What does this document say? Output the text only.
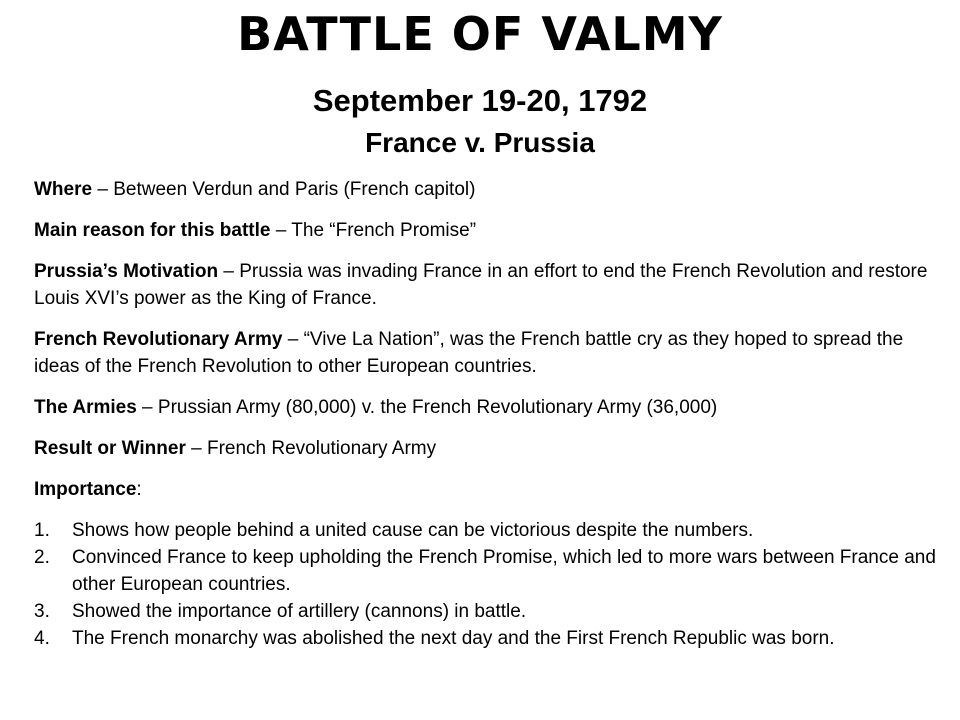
BATTLE OF VALMY
September 19-20, 1792
France v. Prussia

Where – Between Verdun and Paris (French capitol)

Main reason for this battle – The “French Promise”

Prussia’s Motivation – Prussia was invading France in an effort to end the French Revolution and restore Louis XVI’s power as the King of France.

French Revolutionary Army – “Vive La Nation”, was the French battle cry as they hoped to spread the ideas of the French Revolution to other European countries.

The Armies – Prussian Army (80,000) v. the French Revolutionary Army (36,000)

Result or Winner – French Revolutionary Army

Importance:

1. Shows how people behind a united cause can be victorious despite the numbers.
2. Convinced France to keep upholding the French Promise, which led to more wars between France and other European countries.
3. Showed the importance of artillery (cannons) in battle.
4. The French monarchy was abolished the next day and the First French Republic was born.
